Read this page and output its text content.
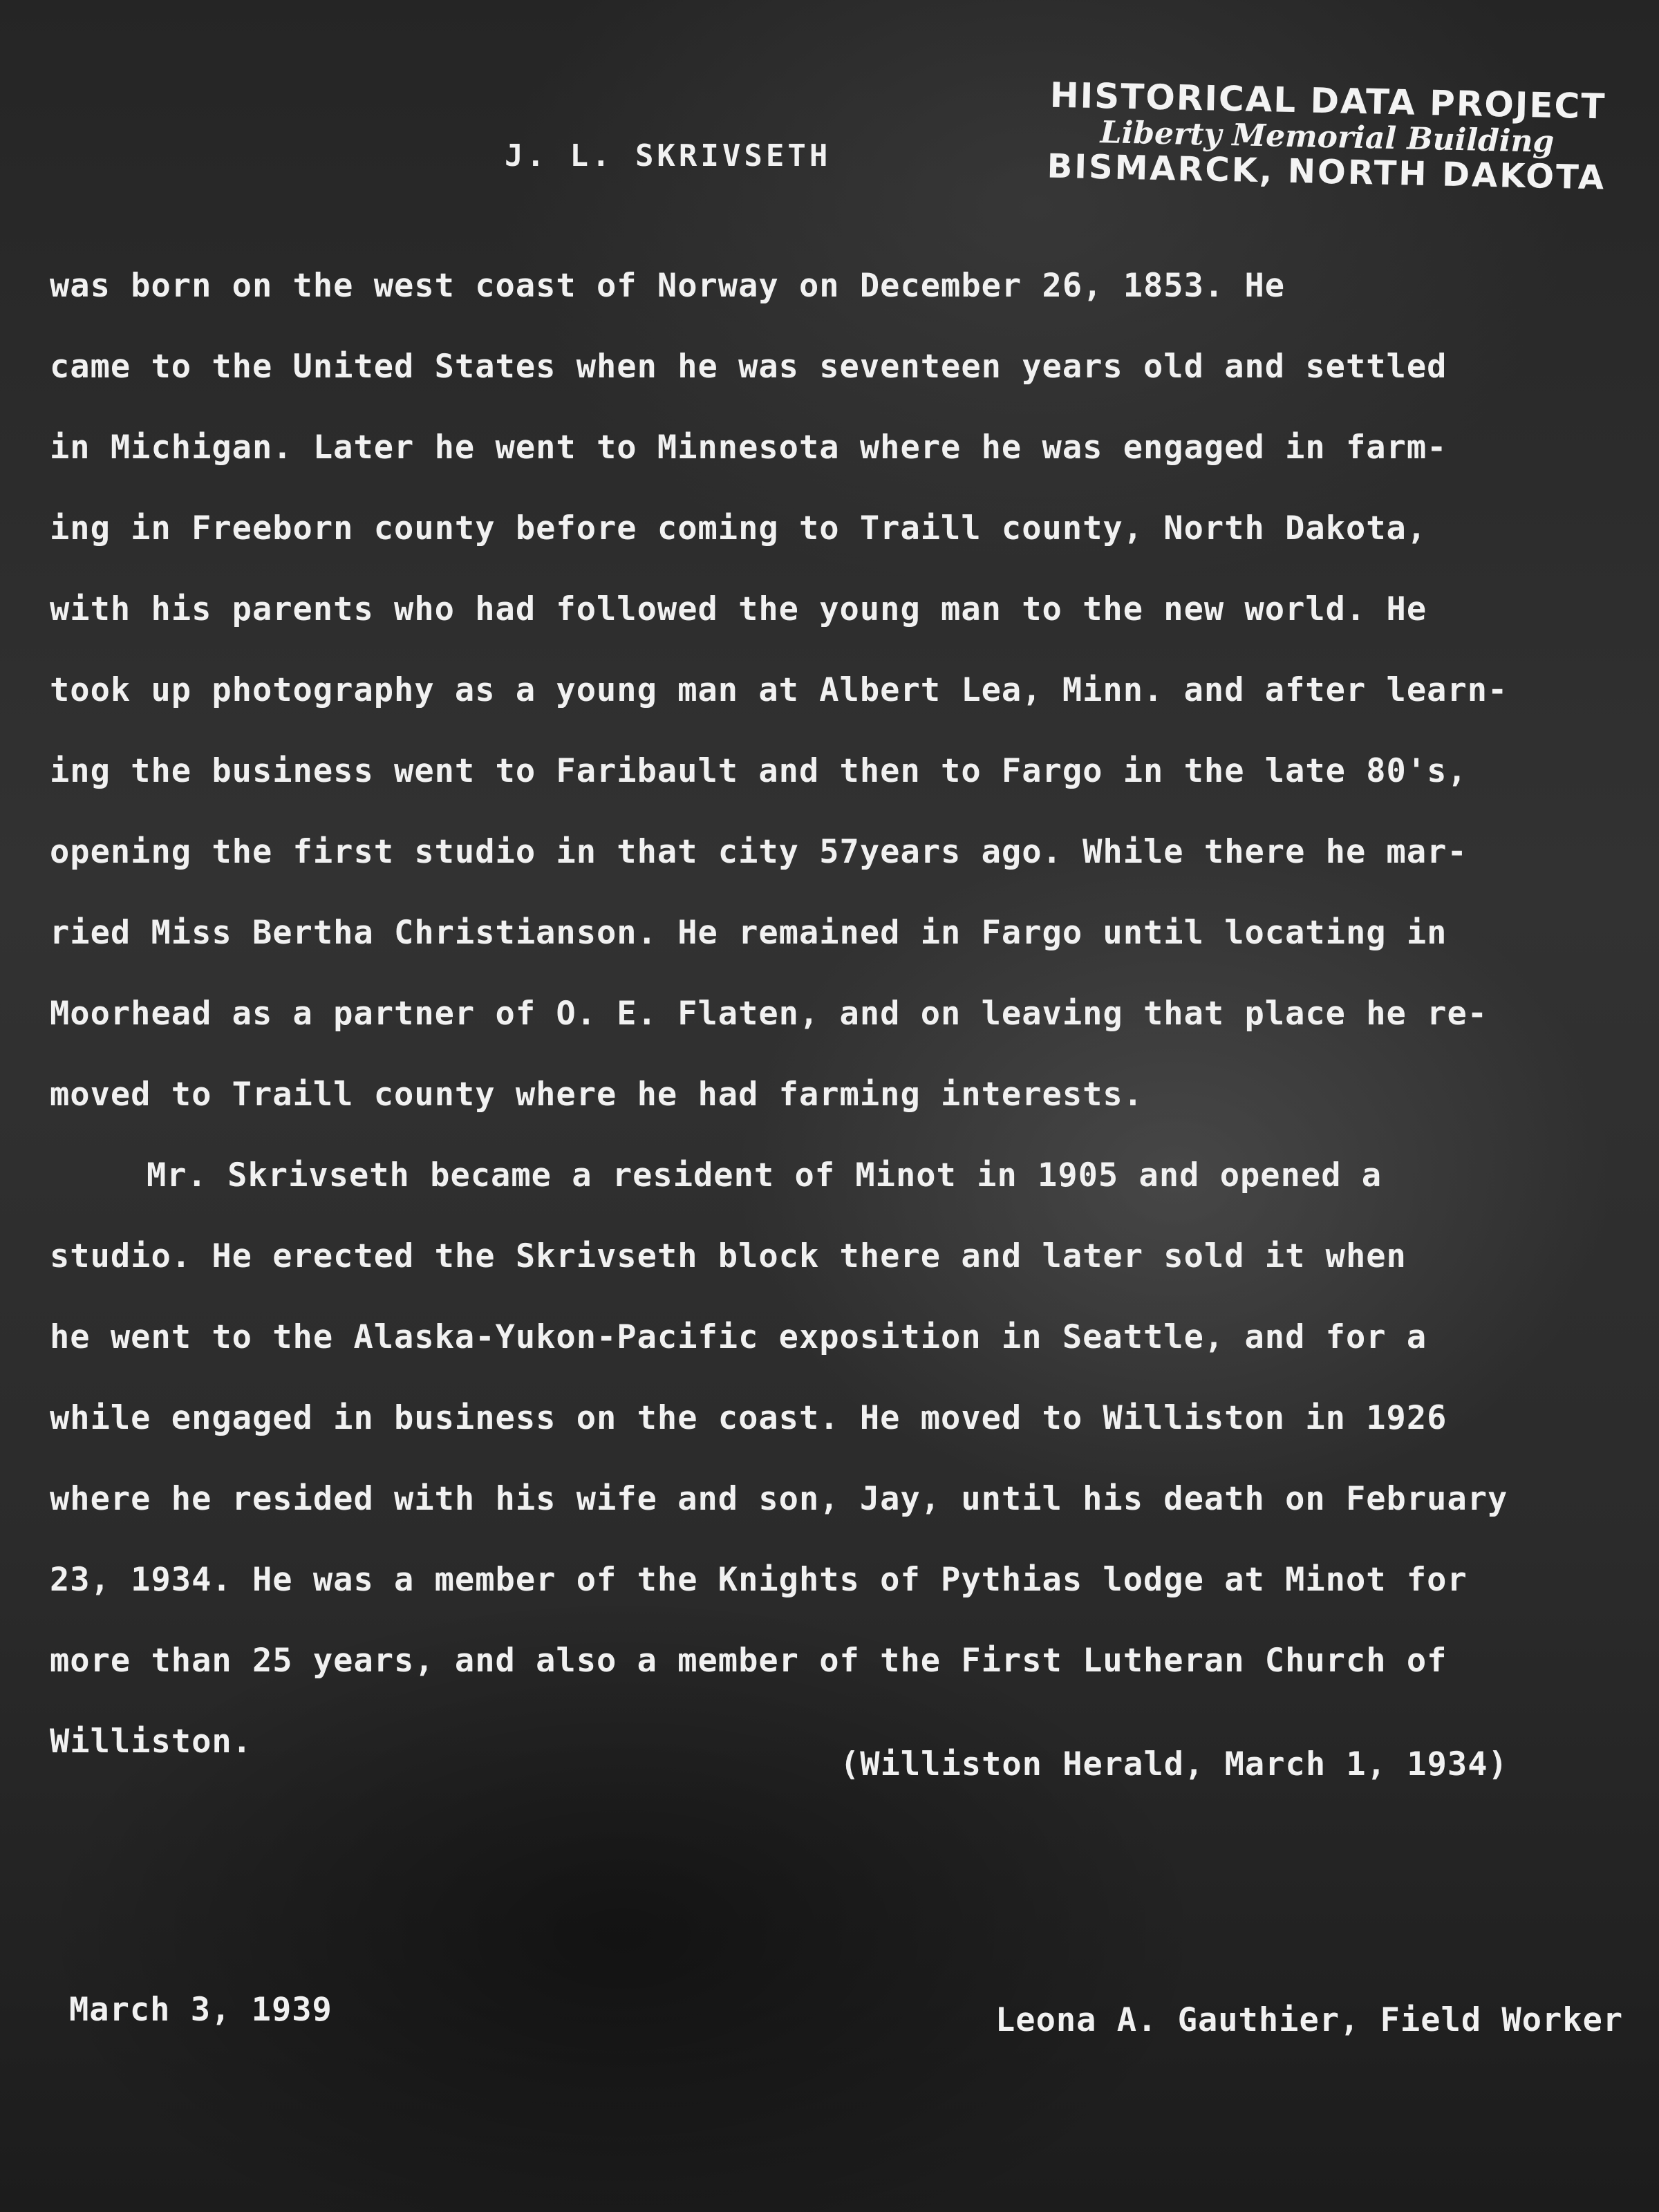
HISTORICAL DATA PROJECT
Liberty Memorial Building
BISMARCK, NORTH DAKOTA
J. L. SKRIVSETH

was born on the west coast of Norway on December 26, 1853. He
came to the United States when he was seventeen years old and settled
in Michigan. Later he went to Minnesota where he was engaged in farm-
ing in Freeborn county before coming to Traill county, North Dakota,
with his parents who had followed the young man to the new world. He
took up photography as a young man at Albert Lea, Minn. and after learn-
ing the business went to Faribault and then to Fargo in the late 80's,
opening the first studio in that city 57years ago. While there he mar-
ried Miss Bertha Christianson. He remained in Fargo until locating in
Moorhead as a partner of O. E. Flaten, and on leaving that place he re-
moved to Traill county where he had farming interests.

Mr. Skrivseth became a resident of Minot in 1905 and opened a
studio. He erected the Skrivseth block there and later sold it when
he went to the Alaska-Yukon-Pacific exposition in Seattle, and for a
while engaged in business on the coast. He moved to Williston in 1926
where he resided with his wife and son, Jay, until his death on February
23, 1934. He was a member of the Knights of Pythias lodge at Minot for
more than 25 years, and also a member of the First Lutheran Church of
Williston.

(Williston Herald, March 1, 1934)
March 3, 1939	Leona A. Gauthier, Field Worker
